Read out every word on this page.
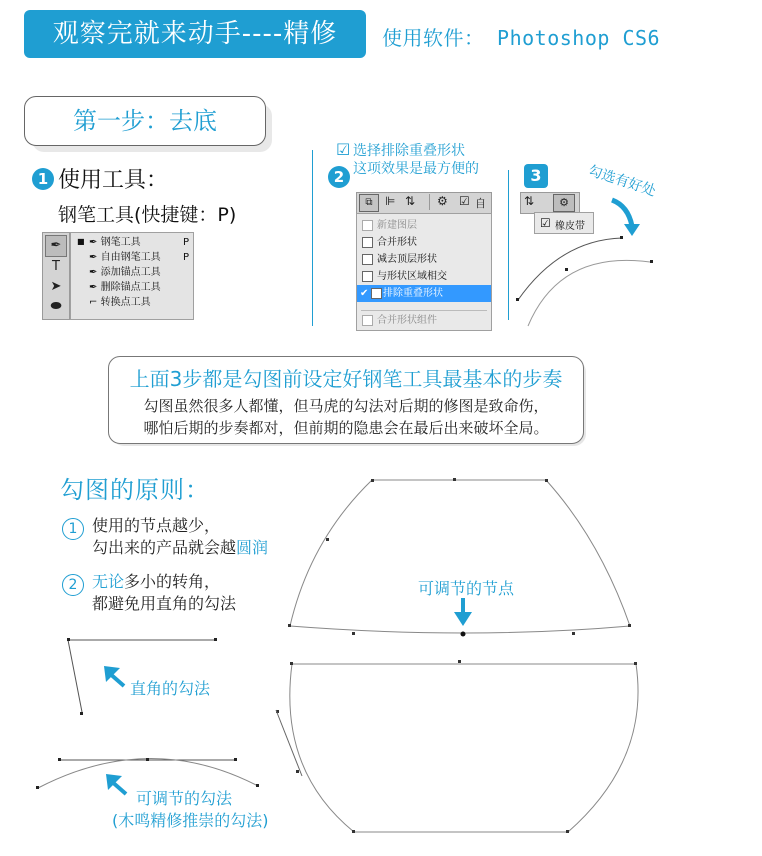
观察完就来动手----精修	使用软件： Photoshop CS6
第一步：去底
1 使用工具：
钢笔工具(快捷键：P)
✒
T
➤
⬬
■ ✒ 钢笔工具	P
✒ 自由钢笔工具 P
✒ 添加锚点工具
✒ 删除锚点工具
⌐ 转换点工具
☑ 选择排除重叠形状
这项效果是最方便的
2
⧉	⊫ ⇅ ⚙ ☑ 自
新建图层
合并形状
减去顶层形状
与形状区域相交
✔ 排除重叠形状
合并形状组件
3	勾选有好处
⇅	⚙
☑ 橡皮带
上面3步都是勾图前设定好钢笔工具最基本的步奏
勾图虽然很多人都懂，但马虎的勾法对后期的修图是致命伤，
哪怕后期的步奏都对，但前期的隐患会在最后出来破坏全局。
勾图的原则：
1 使用的节点越少，
勾出来的产品就会越圆润
2 无论多小的转角，
都避免用直角的勾法
可调节的节点
直角的勾法
可调节的勾法
(木鸣精修推崇的勾法)
